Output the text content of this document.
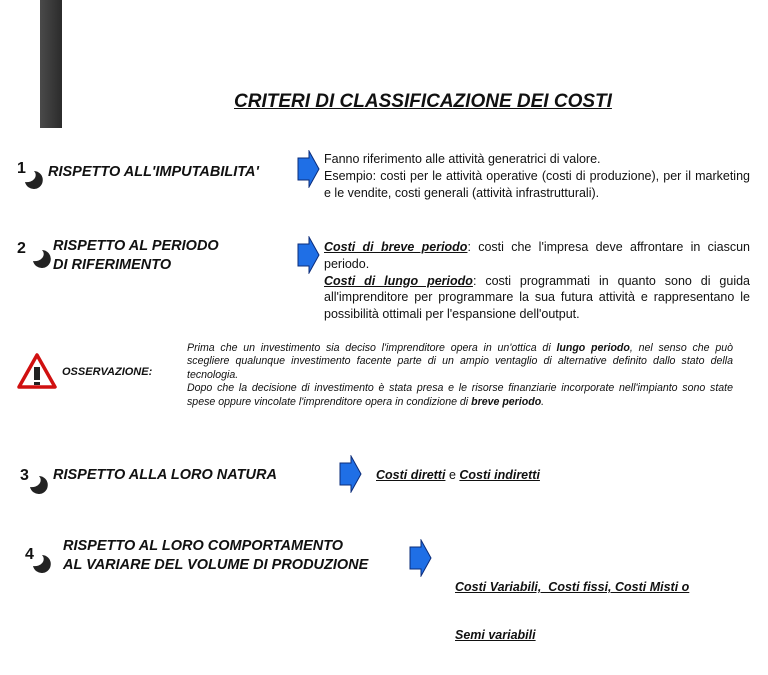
CRITERI DI CLASSIFICAZIONE DEI COSTI
1 RISPETTO ALL'IMPUTABILITA'
Fanno riferimento alle attività generatrici di valore.
Esempio: costi per le attività operative (costi di produzione), per il marketing e le vendite, costi generali (attività infrastrutturali).
2 RISPETTO AL PERIODO
DI RIFERIMENTO
Costi di breve periodo: costi che l'impresa deve affrontare in ciascun periodo.
Costi di lungo periodo: costi programmati in quanto sono di guida all'imprenditore per programmare la sua futura attività e rappresentano le possibilità ottimali per l'espansione dell'output.
OSSERVAZIONE:
Prima che un investimento sia deciso l'imprenditore opera in un'ottica di lungo periodo, nel senso che può scegliere qualunque investimento facente parte di un ampio ventaglio di alternative definito dallo stato della tecnologia.
Dopo che la decisione di investimento è stata presa e le risorse finanziarie incorporate nell'impianto sono state spese oppure vincolate l'imprenditore opera in condizione di breve periodo.
3 RISPETTO ALLA LORO NATURA	Costi diretti e Costi indiretti
4 RISPETTO AL LORO COMPORTAMENTO
AL VARIARE DEL VOLUME DI PRODUZIONE

Costi Variabili,  Costi fissi, Costi Misti o

Semi variabili
